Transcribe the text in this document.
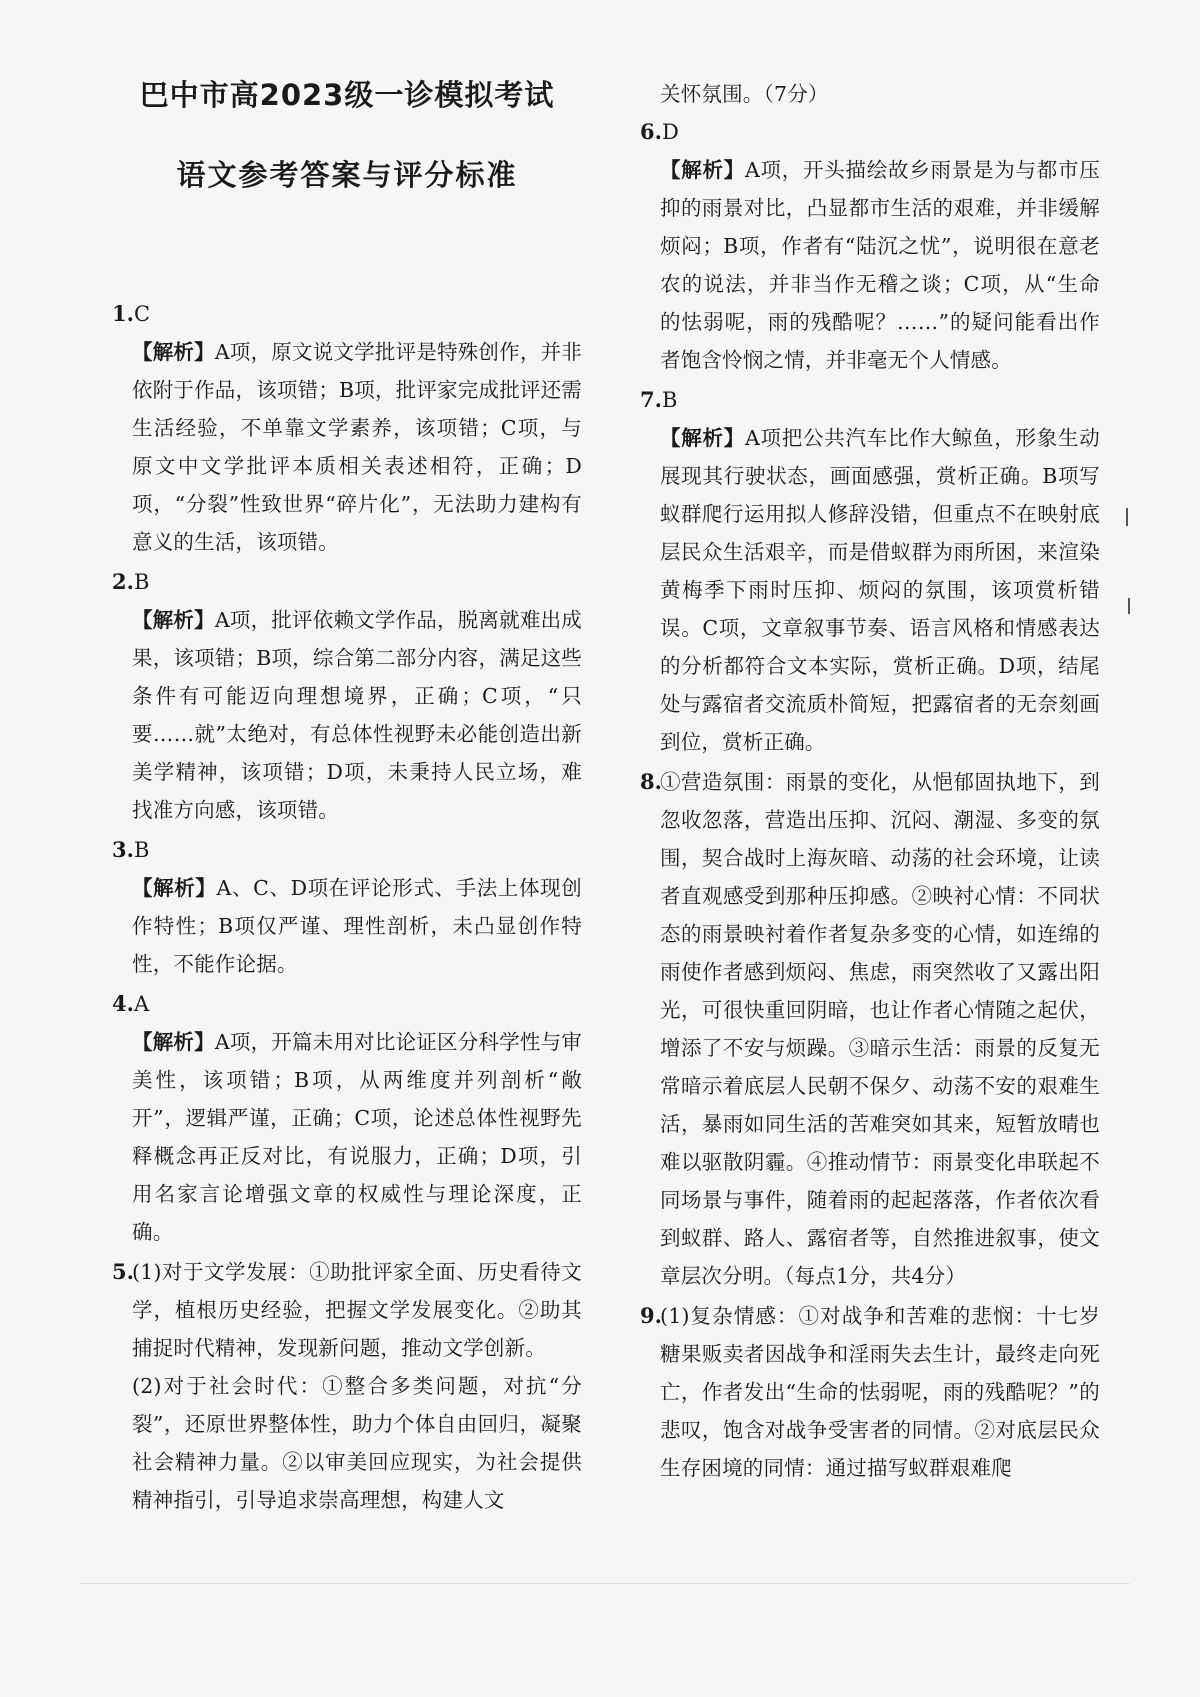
巴中市高2023级一诊模拟考试
语文参考答案与评分标准
1.C
【解析】A项，原文说文学批评是特殊创作，并非依附于作品，该项错；B项，批评家完成批评还需生活经验，不单靠文学素养，该项错；C项，与原文中文学批评本质相关表述相符，正确；D项，“分裂”性致世界“碎片化”，无法助力建构有意义的生活，该项错。
2.B
【解析】A项，批评依赖文学作品，脱离就难出成果，该项错；B项，综合第二部分内容，满足这些条件有可能迈向理想境界，正确；C项，“只要……就”太绝对，有总体性视野未必能创造出新美学精神，该项错；D项，未秉持人民立场，难找准方向感，该项错。
3.B
【解析】A、C、D项在评论形式、手法上体现创作特性；B项仅严谨、理性剖析，未凸显创作特性，不能作论据。
4.A
【解析】A项，开篇未用对比论证区分科学性与审美性，该项错；B项，从两维度并列剖析“敞开”，逻辑严谨，正确；C项，论述总体性视野先释概念再正反对比，有说服力，正确；D项，引用名家言论增强文章的权威性与理论深度，正确。
5.
(1)对于文学发展：①助批评家全面、历史看待文学，植根历史经验，把握文学发展变化。②助其捕捉时代精神，发现新问题，推动文学创新。
(2)对于社会时代：①整合多类问题，对抗“分裂”，还原世界整体性，助力个体自由回归，凝聚社会精神力量。②以审美回应现实，为社会提供精神指引，引导追求崇高理想，构建人文
关怀氛围。（7分）
6.D
【解析】A项，开头描绘故乡雨景是为与都市压抑的雨景对比，凸显都市生活的艰难，并非缓解烦闷；B项，作者有“陆沉之忧”，说明很在意老农的说法，并非当作无稽之谈；C项，从“生命的怯弱呢，雨的残酷呢？……”的疑问能看出作者饱含怜悯之情，并非毫无个人情感。
7.B
【解析】A项把公共汽车比作大鲸鱼，形象生动展现其行驶状态，画面感强，赏析正确。B项写蚁群爬行运用拟人修辞没错，但重点不在映射底层民众生活艰辛，而是借蚁群为雨所困，来渲染黄梅季下雨时压抑、烦闷的氛围，该项赏析错误。C项，文章叙事节奏、语言风格和情感表达的分析都符合文本实际，赏析正确。D项，结尾处与露宿者交流质朴简短，把露宿者的无奈刻画到位，赏析正确。
8.
①营造氛围：雨景的变化，从悒郁固执地下，到忽收忽落，营造出压抑、沉闷、潮湿、多变的氛围，契合战时上海灰暗、动荡的社会环境，让读者直观感受到那种压抑感。②映衬心情：不同状态的雨景映衬着作者复杂多变的心情，如连绵的雨使作者感到烦闷、焦虑，雨突然收了又露出阳光，可很快重回阴暗，也让作者心情随之起伏，增添了不安与烦躁。③暗示生活：雨景的反复无常暗示着底层人民朝不保夕、动荡不安的艰难生活，暴雨如同生活的苦难突如其来，短暂放晴也难以驱散阴霾。④推动情节：雨景变化串联起不同场景与事件，随着雨的起起落落，作者依次看到蚁群、路人、露宿者等，自然推进叙事，使文章层次分明。（每点1分，共4分）
9.
(1)复杂情感：①对战争和苦难的悲悯：十七岁糖果贩卖者因战争和淫雨失去生计，最终走向死亡，作者发出“生命的怯弱呢，雨的残酷呢？”的悲叹，饱含对战争受害者的同情。②对底层民众生存困境的同情：通过描写蚁群艰难爬
